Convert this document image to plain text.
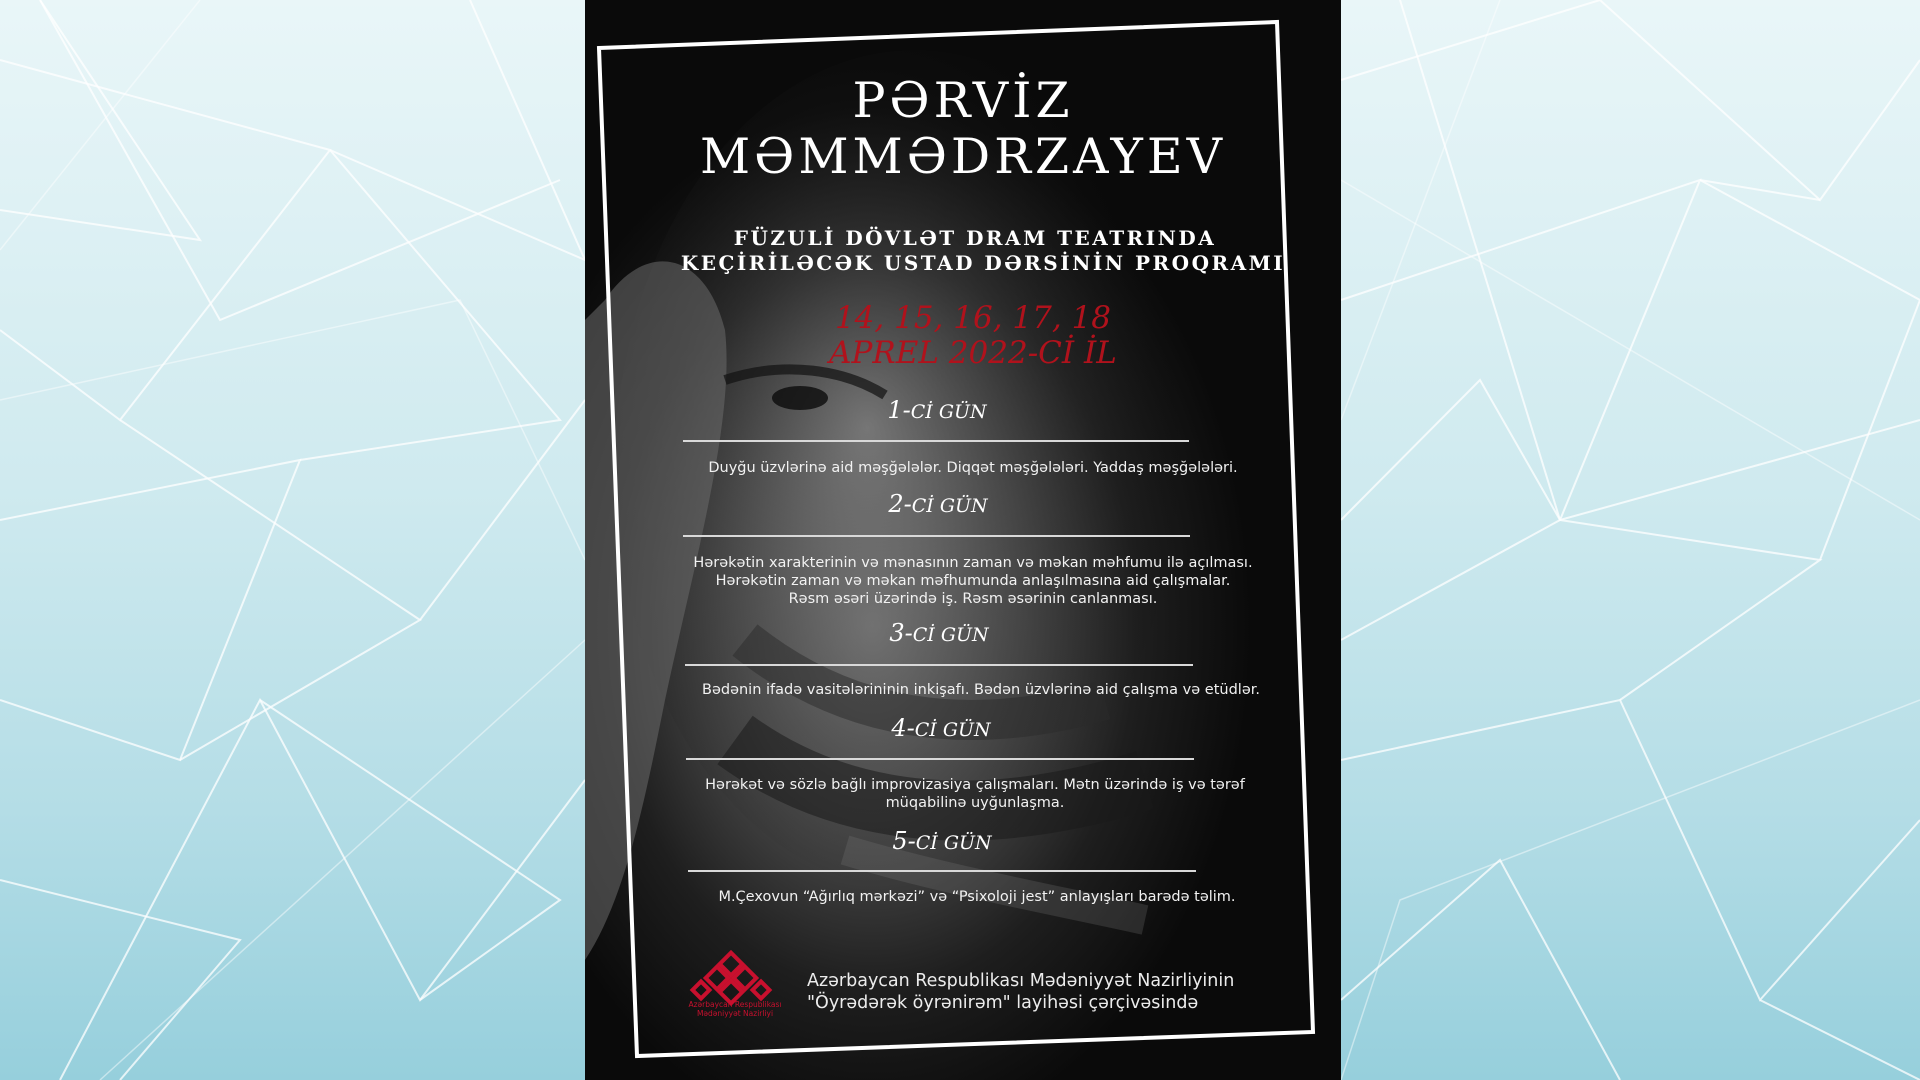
PƏRVİZ
MƏMMƏDRZAYEV
FÜZULİ DÖVLƏT DRAM TEATRINDA
KEÇİRİLƏCƏK USTAD DƏRSİNİN PROQRAMI
14, 15, 16, 17, 18
APREL 2022-Cİ İL
1-Cİ GÜN
Duyğu üzvlərinə aid məşğələlər. Diqqət məşğələləri. Yaddaş məşğələləri.
2-Cİ GÜN
Hərəkətin xarakterinin və mənasının zaman və məkan məhfumu ilə açılması.
Hərəkətin zaman və məkan məfhumunda anlaşılmasına aid çalışmalar.
Rəsm əsəri üzərində iş. Rəsm əsərinin canlanması.
3-Cİ GÜN
Bədənin ifadə vasitələrininin inkişafı. Bədən üzvlərinə aid çalışma və etüdlər.
4-Cİ GÜN
Hərəkət və sözlə bağlı improvizasiya çalışmaları. Mətn üzərində iş və tərəf
müqabilinə uyğunlaşma.
5-Cİ GÜN
M.Çexovun “Ağırlıq mərkəzi” və “Psixoloji jest” anlayışları barədə təlim.
Azərbaycan Respublikası
Mədəniyyət Nazirliyi
Azərbaycan Respublikası Mədəniyyət Nazirliyinin
"Öyrədərək öyrənirəm" layihəsi çərçivəsində
